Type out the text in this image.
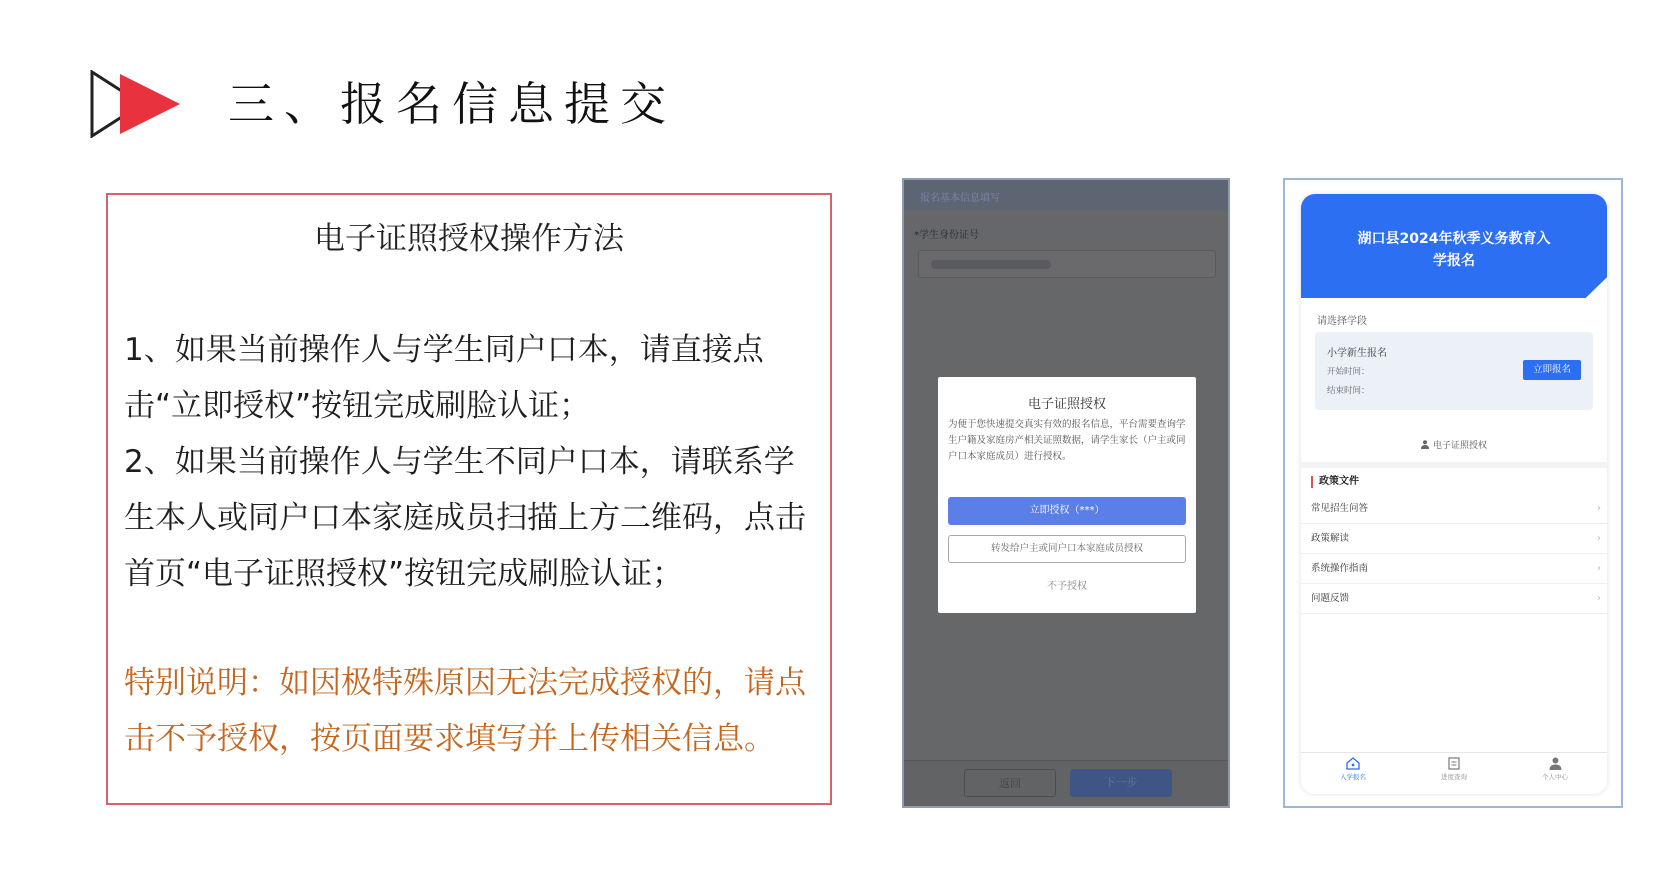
三、报名信息提交
电子证照授权操作方法

1、如果当前操作人与学生同户口本，请直接点击“立即授权”按钮完成刷脸认证；

2、如果当前操作人与学生不同户口本，请联系学生本人或同户口本家庭成员扫描上方二维码，点击首页“电子证照授权”按钮完成刷脸认证；

特别说明：如因极特殊原因无法完成授权的，请点击不予授权，按页面要求填写并上传相关信息。
报名基本信息填写
*学生身份证号
电子证照授权
为便于您快速提交真实有效的报名信息，平台需要查询学生户籍及家庭房产相关证照数据，请学生家长（户主或同户口本家庭成员）进行授权。
立即授权（***）
转发给户主或同户口本家庭成员授权
不予授权
返回	下一步
湖口县2024年秋季义务教育入学报名
请选择学段
小学新生报名
开始时间：
结束时间：
立即报名
电子证照授权
政策文件
常见招生问答	›
政策解读	›
系统操作指南	›
问题反馈	›
入学报名	进度查询	个人中心
